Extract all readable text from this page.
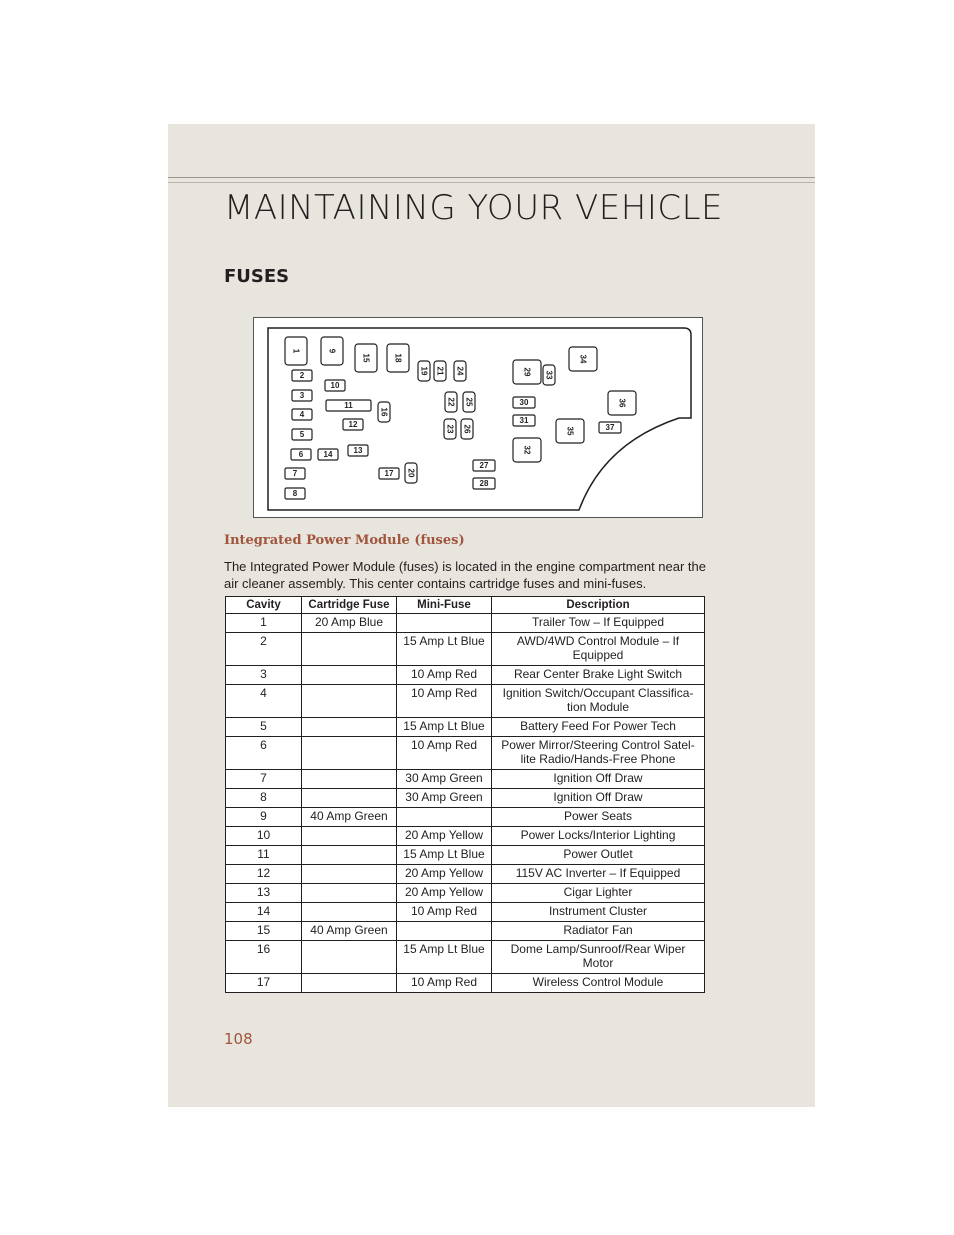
MAINTAINING YOUR VEHICLE
FUSES
1	9
15	18
2
3
4
5
6
7
8
10
11
12
13
14
16
17 20
19 21 24
22 25
23 26
27
28
29 33
34
30
31
32
35
36
37
Integrated Power Module (fuses)
The Integrated Power Module (fuses) is located in the engine compartment near the air cleaner assembly. This center contains cartridge fuses and mini-fuses.
Cavity	Cartridge Fuse	Mini-Fuse	Description
1	20 Amp Blue		Trailer Tow – If Equipped
2		15 Amp Lt Blue	AWD/4WD Control Module – If Equipped
3		10 Amp Red	Rear Center Brake Light Switch
4		10 Amp Red	Ignition Switch/Occupant Classifica-tion Module
5		15 Amp Lt Blue	Battery Feed For Power Tech
6		10 Amp Red	Power Mirror/Steering Control Satel-lite Radio/Hands-Free Phone
7		30 Amp Green	Ignition Off Draw
8		30 Amp Green	Ignition Off Draw
9	40 Amp Green		Power Seats
10		20 Amp Yellow	Power Locks/Interior Lighting
11		15 Amp Lt Blue	Power Outlet
12		20 Amp Yellow	115V AC Inverter – If Equipped
13		20 Amp Yellow	Cigar Lighter
14		10 Amp Red	Instrument Cluster
15	40 Amp Green		Radiator Fan
16		15 Amp Lt Blue	Dome Lamp/Sunroof/Rear Wiper Motor
17		10 Amp Red	Wireless Control Module
108
